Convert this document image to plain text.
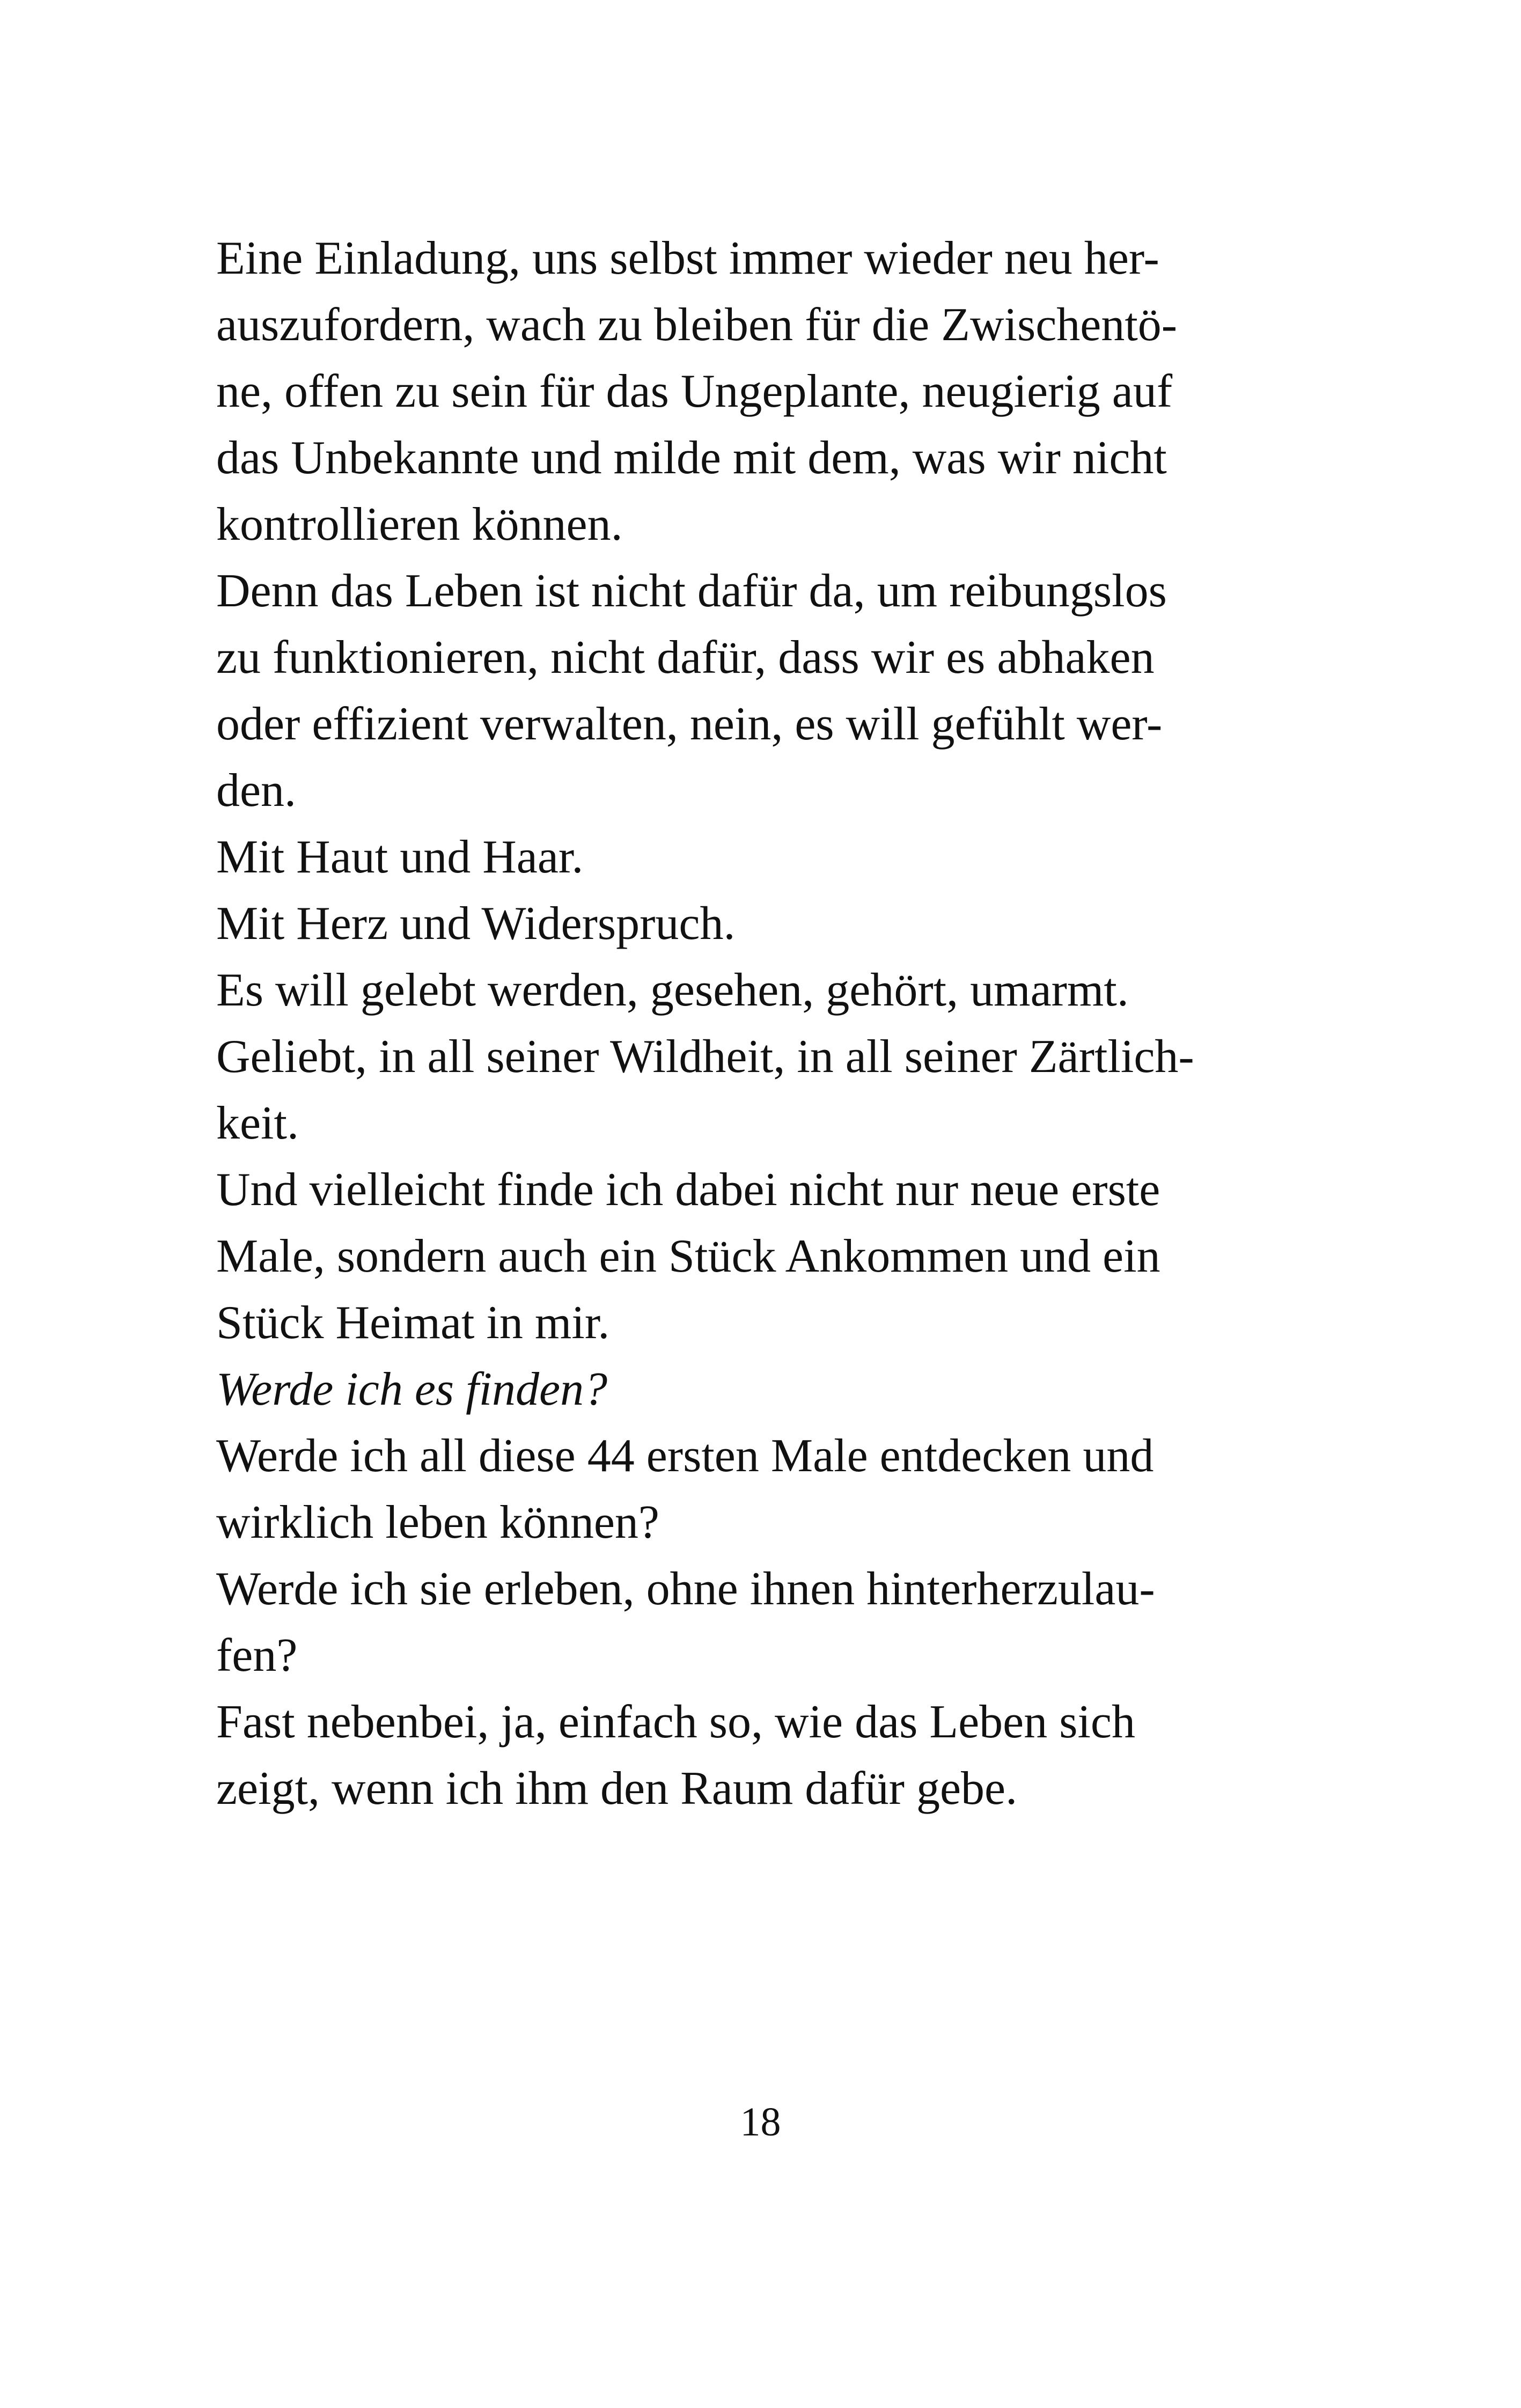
Eine Einladung, uns selbst immer wieder neu her-
auszufordern, wach zu bleiben für die Zwischentö-
ne, offen zu sein für das Ungeplante, neugierig auf
das Unbekannte und milde mit dem, was wir nicht
kontrollieren können.
Denn das Leben ist nicht dafür da, um reibungslos
zu funktionieren, nicht dafür, dass wir es abhaken
oder effizient verwalten, nein, es will gefühlt wer-
den.
Mit Haut und Haar.
Mit Herz und Widerspruch.
Es will gelebt werden, gesehen, gehört, umarmt.
Geliebt, in all seiner Wildheit, in all seiner Zärtlich-
keit.
Und vielleicht finde ich dabei nicht nur neue erste
Male, sondern auch ein Stück Ankommen und ein
Stück Heimat in mir.
Werde ich es finden?
Werde ich all diese 44 ersten Male entdecken und
wirklich leben können?
Werde ich sie erleben, ohne ihnen hinterherzulau-
fen?
Fast nebenbei, ja, einfach so, wie das Leben sich
zeigt, wenn ich ihm den Raum dafür gebe.
18
